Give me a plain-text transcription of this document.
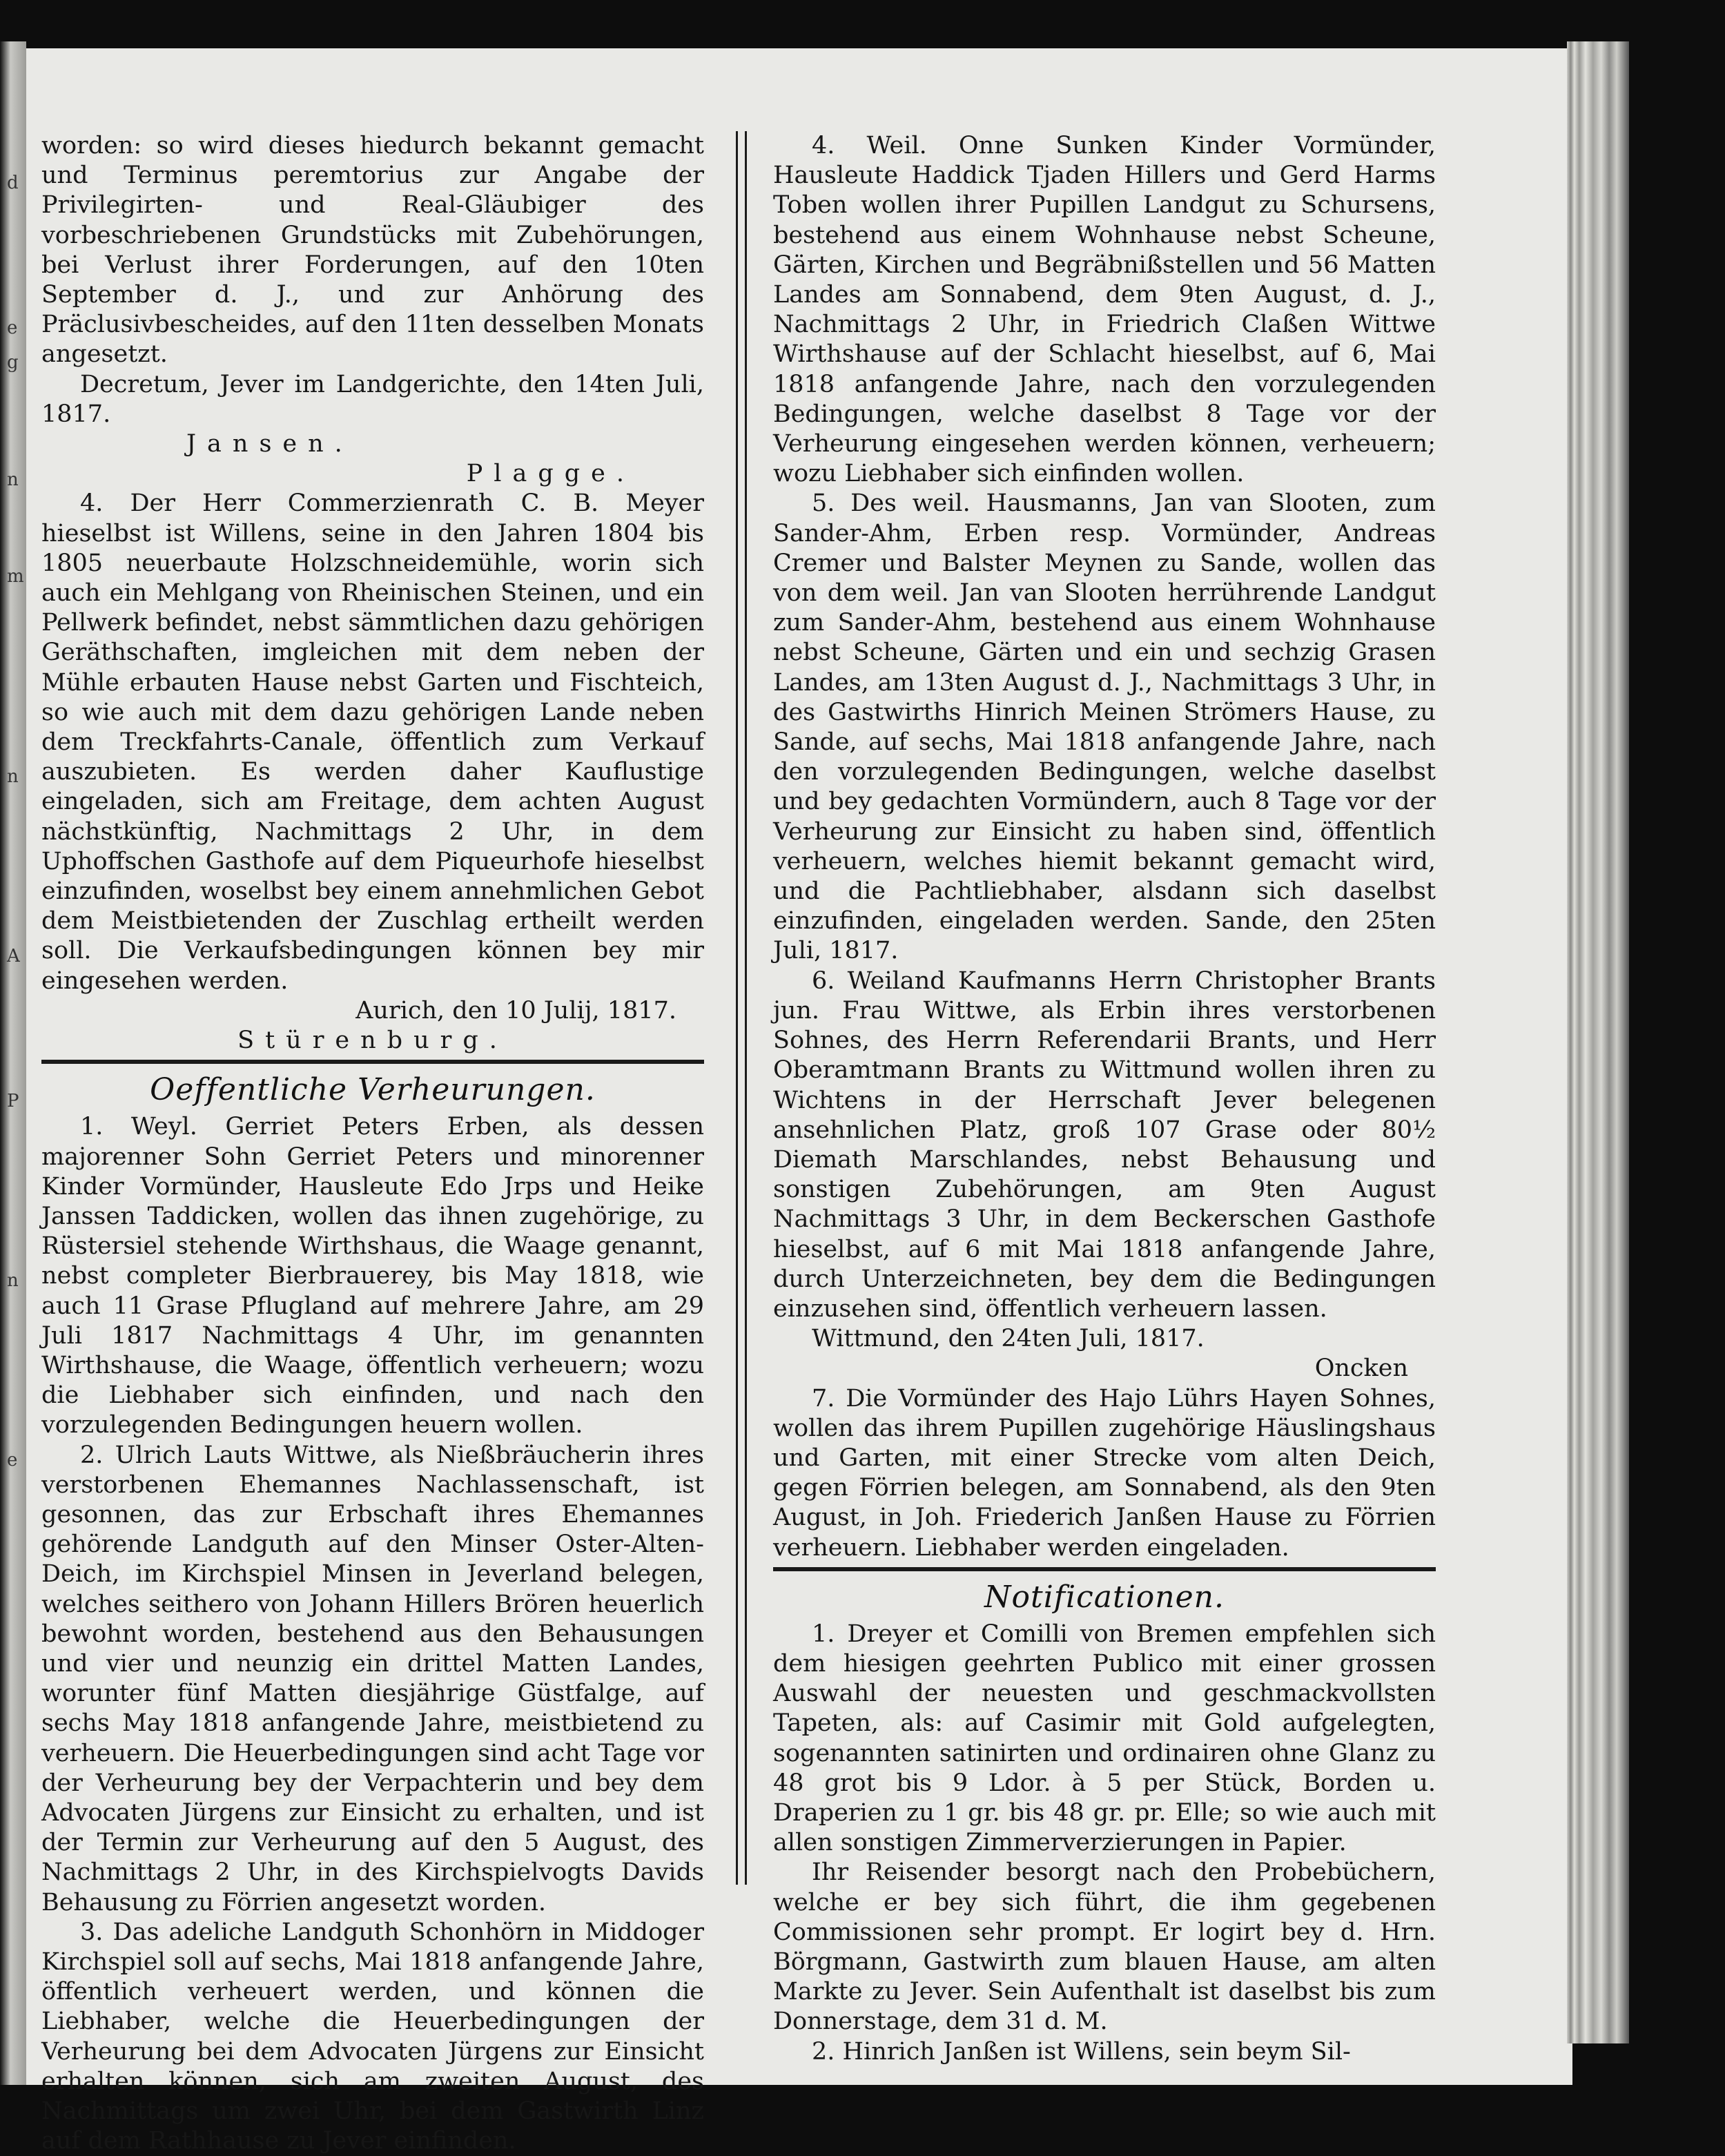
d
e
g
n
m
n
A
P
n
e

worden: so wird dieses hiedurch bekannt gemacht und Terminus peremtorius zur Angabe der Privilegirten- und Real-Gläubiger des vorbeschriebenen Grundstücks mit Zubehörungen, bei Verlust ihrer Forderungen, auf den 10ten September d. J., und zur Anhörung des Präclusivbescheides, auf den 11ten desselben Monats angesetzt.

Decretum, Jever im Landgerichte, den 14ten Juli, 1817.

Jansen.

Plagge.

4. Der Herr Commerzienrath C. B. Meyer hieselbst ist Willens, seine in den Jahren 1804 bis 1805 neuerbaute Holzschneidemühle, worin sich auch ein Mehlgang von Rheinischen Steinen, und ein Pellwerk befindet, nebst sämmtlichen dazu gehörigen Geräthschaften, imgleichen mit dem neben der Mühle erbauten Hause nebst Garten und Fischteich, so wie auch mit dem dazu gehörigen Lande neben dem Treckfahrts-Canale, öffentlich zum Verkauf auszubieten. Es werden daher Kauflustige eingeladen, sich am Freitage, dem achten August nächstkünftig, Nachmittags 2 Uhr, in dem Uphoffschen Gasthofe auf dem Piqueurhofe hieselbst einzufinden, woselbst bey einem annehmlichen Gebot dem Meistbietenden der Zuschlag ertheilt werden soll. Die Verkaufsbedingungen können bey mir eingesehen werden.

Aurich, den 10 Julij, 1817.

Stürenburg.

Oeffentliche Verheurungen.

1. Weyl. Gerriet Peters Erben, als dessen majorenner Sohn Gerriet Peters und minorenner Kinder Vormünder, Hausleute Edo Jrps und Heike Janssen Taddicken, wollen das ihnen zugehörige, zu Rüstersiel stehende Wirthshaus, die Waage genannt, nebst completer Bierbrauerey, bis May 1818, wie auch 11 Grase Pflugland auf mehrere Jahre, am 29 Juli 1817 Nachmittags 4 Uhr, im genannten Wirthshause, die Waage, öffentlich verheuern; wozu die Liebhaber sich einfinden, und nach den vorzulegenden Bedingungen heuern wollen.

2. Ulrich Lauts Wittwe, als Nießbräucherin ihres verstorbenen Ehemannes Nachlassenschaft, ist gesonnen, das zur Erbschaft ihres Ehemannes gehörende Landguth auf den Minser Oster-Alten-Deich, im Kirchspiel Minsen in Jeverland belegen, welches seithero von Johann Hillers Brören heuerlich bewohnt worden, bestehend aus den Behausungen und vier und neunzig ein drittel Matten Landes, worunter fünf Matten diesjährige Güstfalge, auf sechs May 1818 anfangende Jahre, meistbietend zu verheuern. Die Heuerbedingungen sind acht Tage vor der Verheurung bey der Verpachterin und bey dem Advocaten Jürgens zur Einsicht zu erhalten, und ist der Termin zur Verheurung auf den 5 August, des Nachmittags 2 Uhr, in des Kirchspielvogts Davids Behausung zu Förrien angesetzt worden.

3. Das adeliche Landguth Schonhörn in Middoger Kirchspiel soll auf sechs, Mai 1818 anfangende Jahre, öffentlich verheuert werden, und können die Liebhaber, welche die Heuerbedingungen der Verheurung bei dem Advocaten Jürgens zur Einsicht erhalten können, sich am zweiten August, des Nachmittags um zwei Uhr, bei dem Gastwirth Linz auf dem Rathhause zu Jever einfinden.

4. Weil. Onne Sunken Kinder Vormünder, Hausleute Haddick Tjaden Hillers und Gerd Harms Toben wollen ihrer Pupillen Landgut zu Schursens, bestehend aus einem Wohnhause nebst Scheune, Gärten, Kirchen und Begräbnißstellen und 56 Matten Landes am Sonnabend, dem 9ten August, d. J., Nachmittags 2 Uhr, in Friedrich Claßen Wittwe Wirthshause auf der Schlacht hieselbst, auf 6, Mai 1818 anfangende Jahre, nach den vorzulegenden Bedingungen, welche daselbst 8 Tage vor der Verheurung eingesehen werden können, verheuern; wozu Liebhaber sich einfinden wollen.

5. Des weil. Hausmanns, Jan van Slooten, zum Sander-Ahm, Erben resp. Vormünder, Andreas Cremer und Balster Meynen zu Sande, wollen das von dem weil. Jan van Slooten herrührende Landgut zum Sander-Ahm, bestehend aus einem Wohnhause nebst Scheune, Gärten und ein und sechzig Grasen Landes, am 13ten August d. J., Nachmittags 3 Uhr, in des Gastwirths Hinrich Meinen Strömers Hause, zu Sande, auf sechs, Mai 1818 anfangende Jahre, nach den vorzulegenden Bedingungen, welche daselbst und bey gedachten Vormündern, auch 8 Tage vor der Verheurung zur Einsicht zu haben sind, öffentlich verheuern, welches hiemit bekannt gemacht wird, und die Pachtliebhaber, alsdann sich daselbst einzufinden, eingeladen werden. Sande, den 25ten Juli, 1817.

6. Weiland Kaufmanns Herrn Christopher Brants jun. Frau Wittwe, als Erbin ihres verstorbenen Sohnes, des Herrn Referendarii Brants, und Herr Oberamtmann Brants zu Wittmund wollen ihren zu Wichtens in der Herrschaft Jever belegenen ansehnlichen Platz, groß 107 Grase oder 80½ Diemath Marschlandes, nebst Behausung und sonstigen Zubehörungen, am 9ten August Nachmittags 3 Uhr, in dem Beckerschen Gasthofe hieselbst, auf 6 mit Mai 1818 anfangende Jahre, durch Unterzeichneten, bey dem die Bedingungen einzusehen sind, öffentlich verheuern lassen.

Wittmund, den 24ten Juli, 1817.

Oncken

7. Die Vormünder des Hajo Lührs Hayen Sohnes, wollen das ihrem Pupillen zugehörige Häuslingshaus und Garten, mit einer Strecke vom alten Deich, gegen Förrien belegen, am Sonnabend, als den 9ten August, in Joh. Friederich Janßen Hause zu Förrien verheuern. Liebhaber werden eingeladen.

Notificationen.

1. Dreyer et Comilli von Bremen empfehlen sich dem hiesigen geehrten Publico mit einer grossen Auswahl der neuesten und geschmackvollsten Tapeten, als: auf Casimir mit Gold aufgelegten, sogenannten satinirten und ordinairen ohne Glanz zu 48 grot bis 9 Ldor. à 5 per Stück, Borden u. Draperien zu 1 gr. bis 48 gr. pr. Elle; so wie auch mit allen sonstigen Zimmerverzierungen in Papier.

Ihr Reisender besorgt nach den Probebüchern, welche er bey sich führt, die ihm gegebenen Commissionen sehr prompt. Er logirt bey d. Hrn. Börgmann, Gastwirth zum blauen Hause, am alten Markte zu Jever. Sein Aufenthalt ist daselbst bis zum Donnerstage, dem 31 d. M.

2. Hinrich Janßen ist Willens, sein beym Sil-
